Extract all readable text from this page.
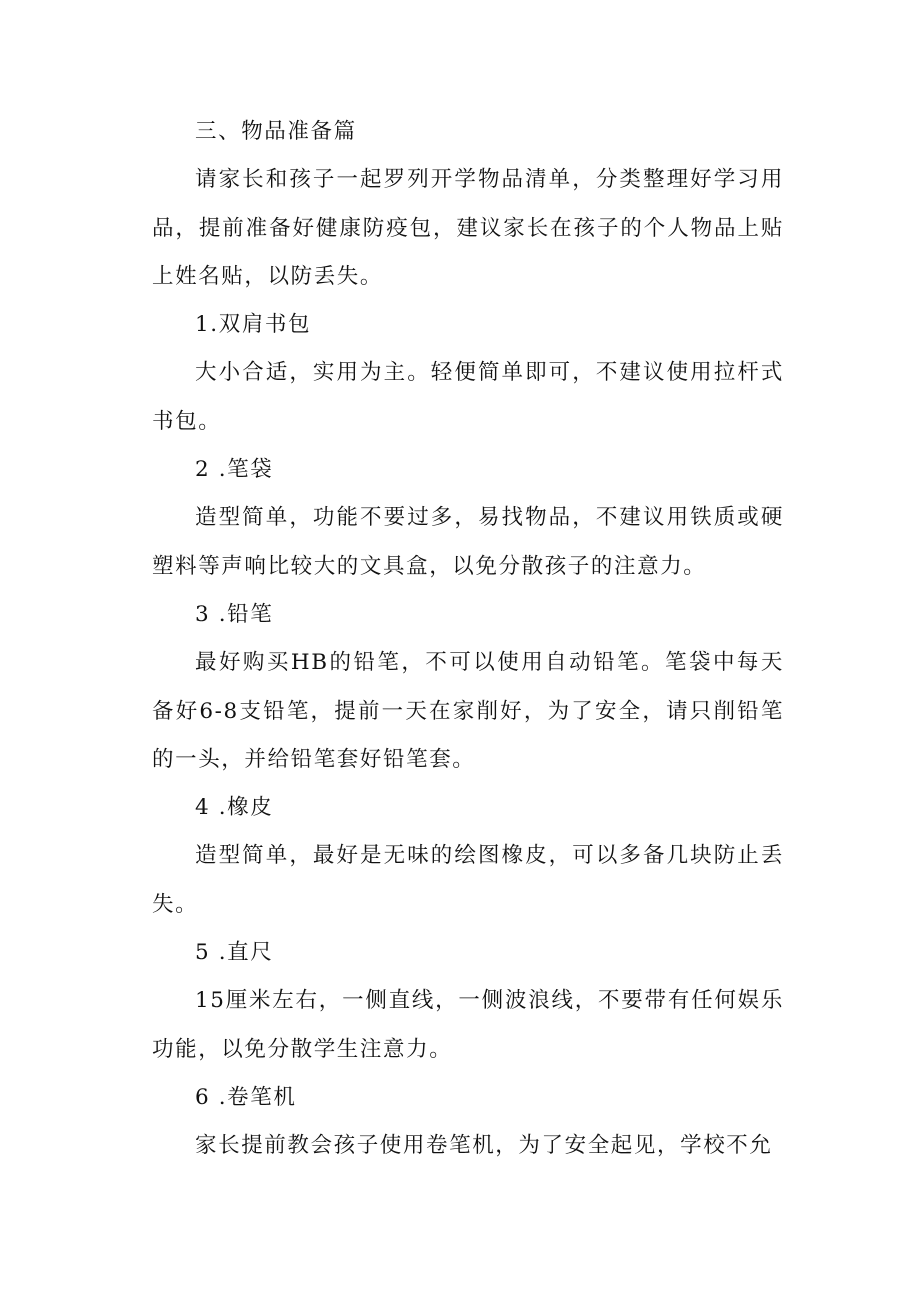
三、物品准备篇

请家长和孩子一起罗列开学物品清单，分类整理好学习用品，提前准备好健康防疫包，建议家长在孩子的个人物品上贴上姓名贴，以防丢失。

1.双肩书包

大小合适，实用为主。轻便简单即可，不建议使用拉杆式书包。

2 .笔袋

造型简单，功能不要过多，易找物品，不建议用铁质或硬塑料等声响比较大的文具盒，以免分散孩子的注意力。

3 .铅笔

最好购买HB的铅笔，不可以使用自动铅笔。笔袋中每天备好6-8支铅笔，提前一天在家削好，为了安全，请只削铅笔的一头，并给铅笔套好铅笔套。

4 .橡皮

造型简单，最好是无味的绘图橡皮，可以多备几块防止丢失。

5 .直尺

15厘米左右，一侧直线，一侧波浪线，不要带有任何娱乐功能，以免分散学生注意力。

6 .卷笔机

家长提前教会孩子使用卷笔机，为了安全起见，学校不允
